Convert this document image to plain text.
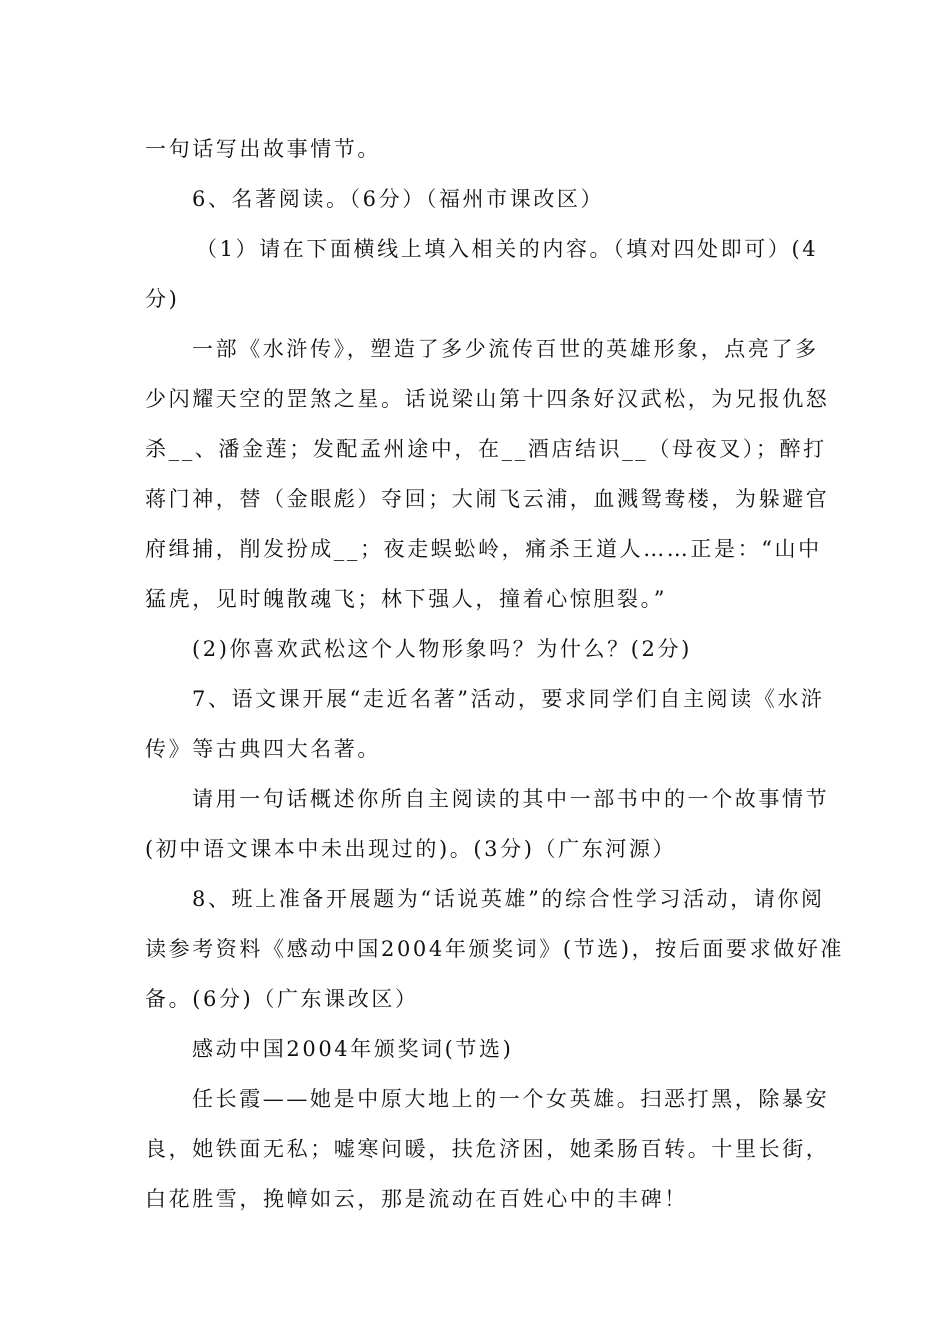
一句话写出故事情节。
6、名著阅读。（6分）（福州市课改区）
（1）请在下面横线上填入相关的内容。（填对四处即可）(4
分)
一部《水浒传》，塑造了多少流传百世的英雄形象，点亮了多
少闪耀天空的罡煞之星。话说梁山第十四条好汉武松，为兄报仇怒
杀__、潘金莲；发配孟州途中，在__酒店结识__（母夜叉）；醉打
蒋门神，替（金眼彪）夺回；大闹飞云浦，血溅鸳鸯楼，为躲避官
府缉捕，削发扮成__；夜走蜈蚣岭，痛杀王道人……正是：“山中
猛虎，见时魄散魂飞；林下强人，撞着心惊胆裂。”
(2)你喜欢武松这个人物形象吗？为什么？(2分)
7、语文课开展“走近名著”活动，要求同学们自主阅读《水浒
传》等古典四大名著。
请用一句话概述你所自主阅读的其中一部书中的一个故事情节
(初中语文课本中未出现过的)。(3分)（广东河源）
8、班上准备开展题为“话说英雄”的综合性学习活动，请你阅
读参考资料《感动中国2004年颁奖词》(节选)，按后面要求做好准
备。(6分)（广东课改区）
感动中国2004年颁奖词(节选)
任长霞——她是中原大地上的一个女英雄。扫恶打黑，除暴安
良，她铁面无私；嘘寒问暖，扶危济困，她柔肠百转。十里长街，
白花胜雪，挽幛如云，那是流动在百姓心中的丰碑！
